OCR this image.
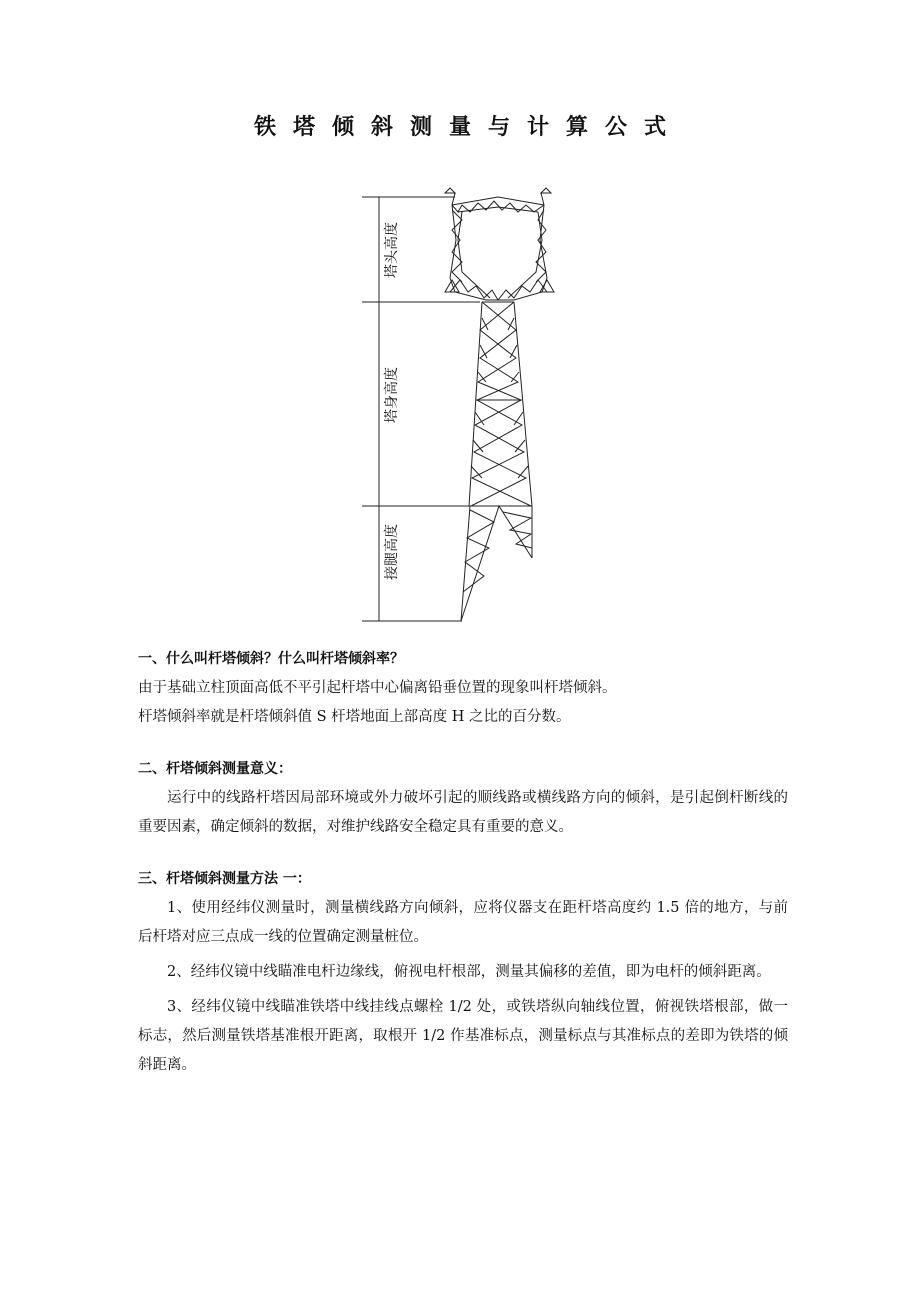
铁塔倾斜测量与计算公式
塔头高度
塔身高度
接腿高度

一、什么叫杆塔倾斜？什么叫杆塔倾斜率？

由于基础立柱顶面高低不平引起杆塔中心偏离铅垂位置的现象叫杆塔倾斜。

杆塔倾斜率就是杆塔倾斜值 S 杆塔地面上部高度 H 之比的百分数。

二、杆塔倾斜测量意义：

运行中的线路杆塔因局部环境或外力破坏引起的顺线路或横线路方向的倾斜，是引起倒杆断线的重要因素，确定倾斜的数据，对维护线路安全稳定具有重要的意义。

三、杆塔倾斜测量方法 一：

1、使用经纬仪测量时，测量横线路方向倾斜，应将仪器支在距杆塔高度约 1.5 倍的地方，与前后杆塔对应三点成一线的位置确定测量桩位。

2、经纬仪镜中线瞄准电杆边缘线，俯视电杆根部，测量其偏移的差值，即为电杆的倾斜距离。

3、经纬仪镜中线瞄准铁塔中线挂线点螺栓 1/2 处，或铁塔纵向轴线位置，俯视铁塔根部，做一标志，然后测量铁塔基准根开距离，取根开 1/2 作基准标点，测量标点与其准标点的差即为铁塔的倾斜距离。
